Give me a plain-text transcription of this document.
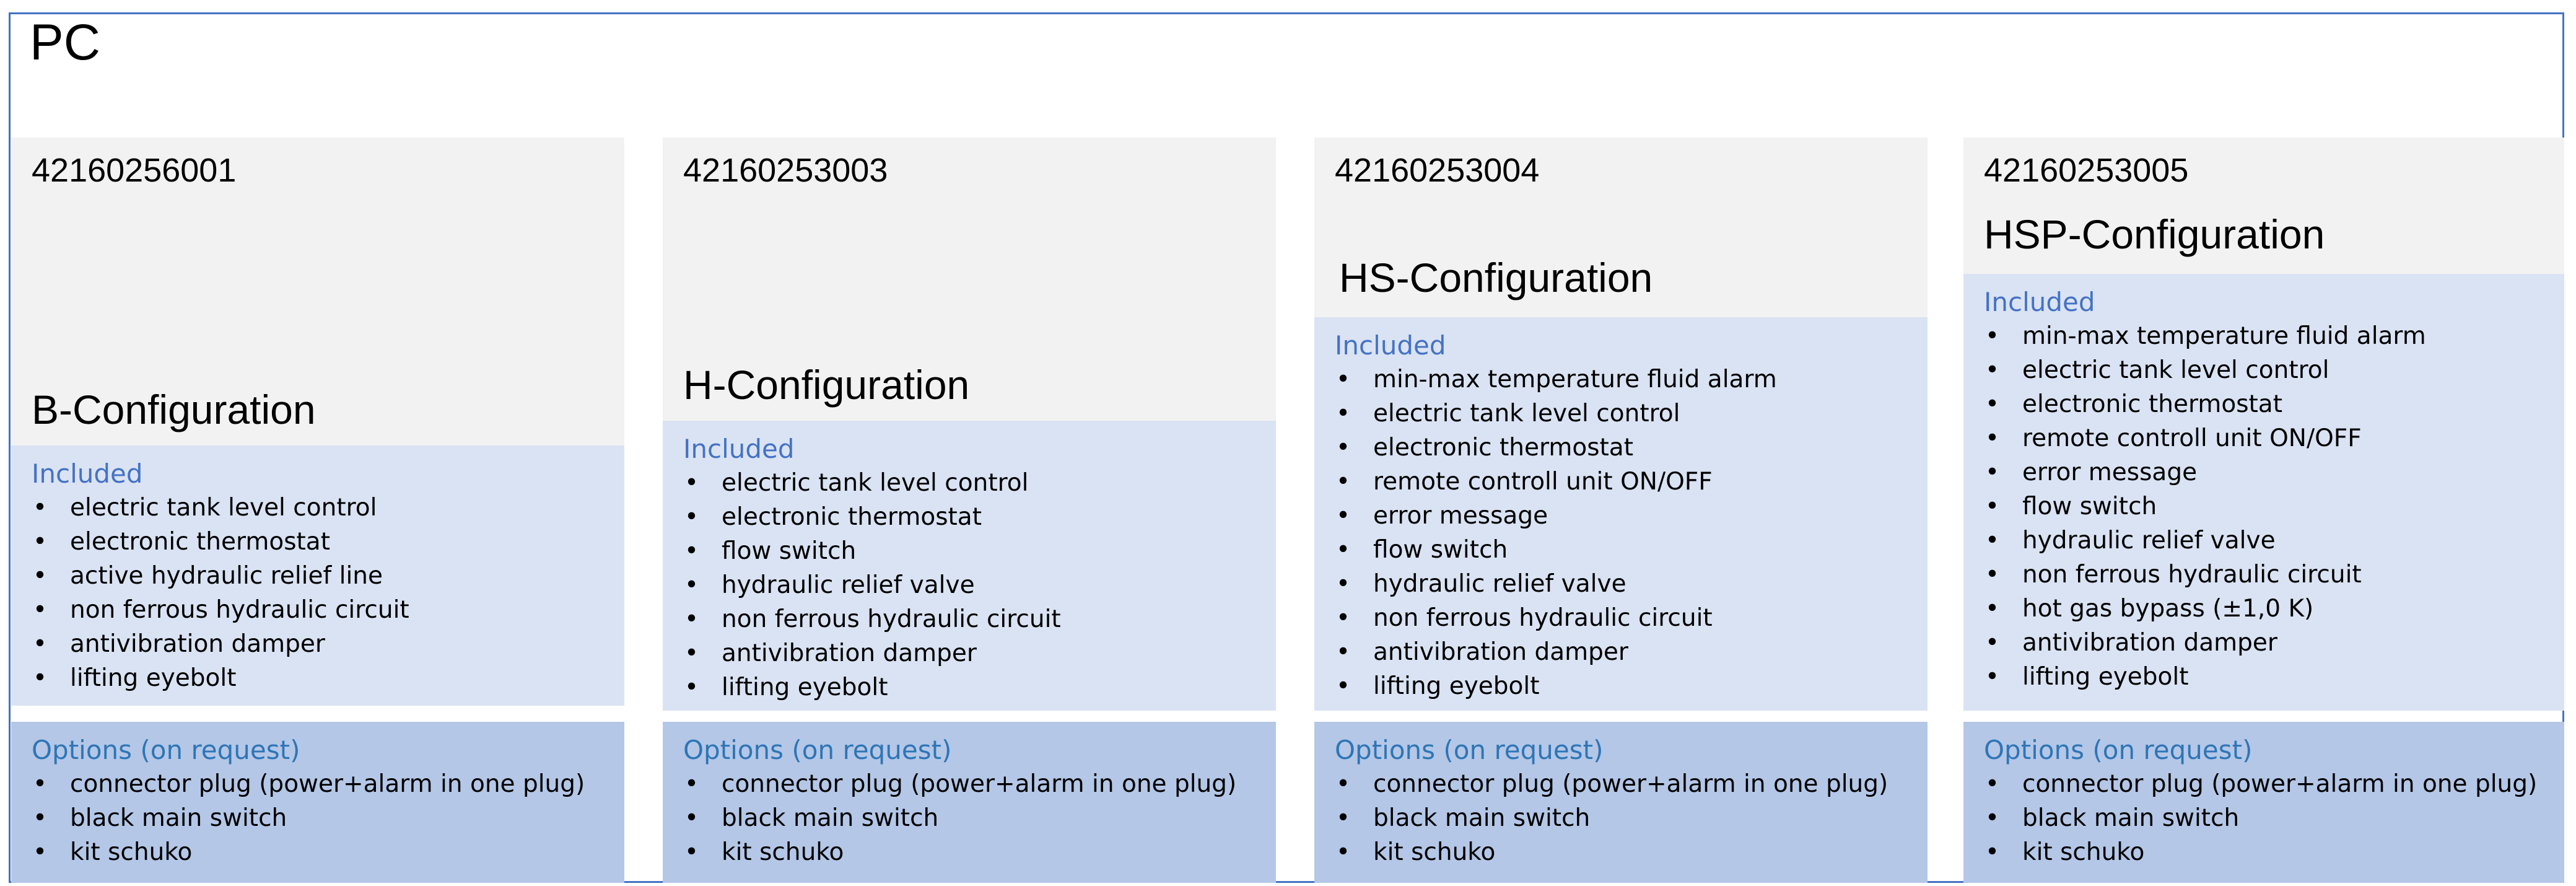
PC
42160256001
B-Configuration
Included
• electric tank level control
• electronic thermostat
• active hydraulic relief line
• non ferrous hydraulic circuit
• antivibration damper
• lifting eyebolt
Options (on request)
• connector plug (power+alarm in one plug)
• black main switch
• kit schuko
42160253003
H-Configuration
Included
• electric tank level control
• electronic thermostat
• flow switch
• hydraulic relief valve
• non ferrous hydraulic circuit
• antivibration damper
• lifting eyebolt
Options (on request)
• connector plug (power+alarm in one plug)
• black main switch
• kit schuko
42160253004
HS-Configuration
Included
• min-max temperature fluid alarm
• electric tank level control
• electronic thermostat
• remote controll unit ON/OFF
• error message
• flow switch
• hydraulic relief valve
• non ferrous hydraulic circuit
• antivibration damper
• lifting eyebolt
Options (on request)
• connector plug (power+alarm in one plug)
• black main switch
• kit schuko
42160253005
HSP-Configuration
Included
• min-max temperature fluid alarm
• electric tank level control
• electronic thermostat
• remote controll unit ON/OFF
• error message
• flow switch
• hydraulic relief valve
• non ferrous hydraulic circuit
• hot gas bypass (±1,0 K)
• antivibration damper
• lifting eyebolt
Options (on request)
• connector plug (power+alarm in one plug)
• black main switch
• kit schuko
